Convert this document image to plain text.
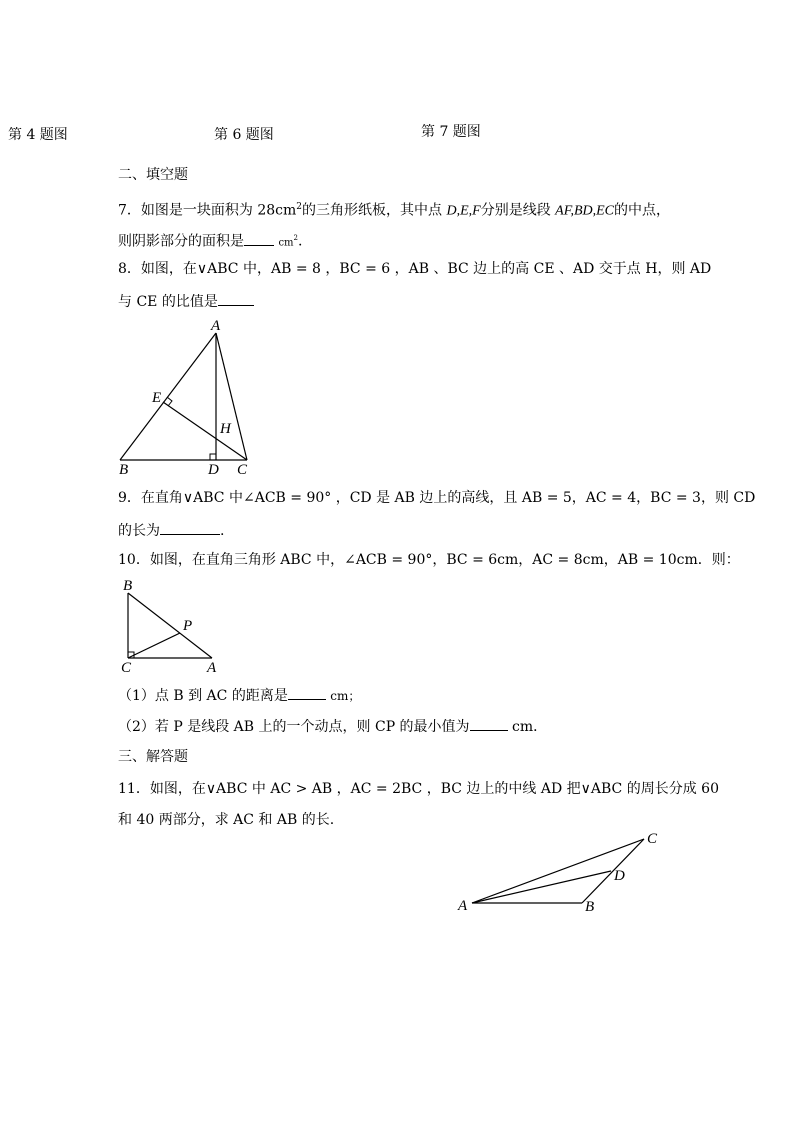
第 4 题图	第 6 题图	第 7 题图
二、填空题
7．如图是一块面积为 $28cm^2$的三角形纸板，其中点 D,E,F分别是线段 AF,BD,EC的中点，
则阴影部分的面积是	$cm^2$.
8．如图，在∨ABC 中，AB = 8 ，BC = 6 ，AB 、BC 边上的高 CE 、AD 交于点 H，则 AD
与 CE 的比值是
A
E
H
B	D C
9．在直角∨ABC 中∠ACB = 90° ，CD 是 AB 边上的高线，且 AB = 5，AC = 4，BC = 3，则 CD
的长为	.
10．如图，在直角三角形 ABC 中，∠ACB = 90°，BC = 6cm，AC = 8cm，AB = 10cm．则：
B
P
C	A
（1）点 B 到 AC 的距离是	cm；
（2）若 P 是线段 AB 上的一个动点，则 CP 的最小值为	cm．
三、解答题
11．如图，在∨ABC 中 AC > AB ，AC = 2BC ，BC 边上的中线 AD 把∨ABC 的周长分成 60
和 40 两部分，求 AC 和 AB 的长.
C
D
A	B
